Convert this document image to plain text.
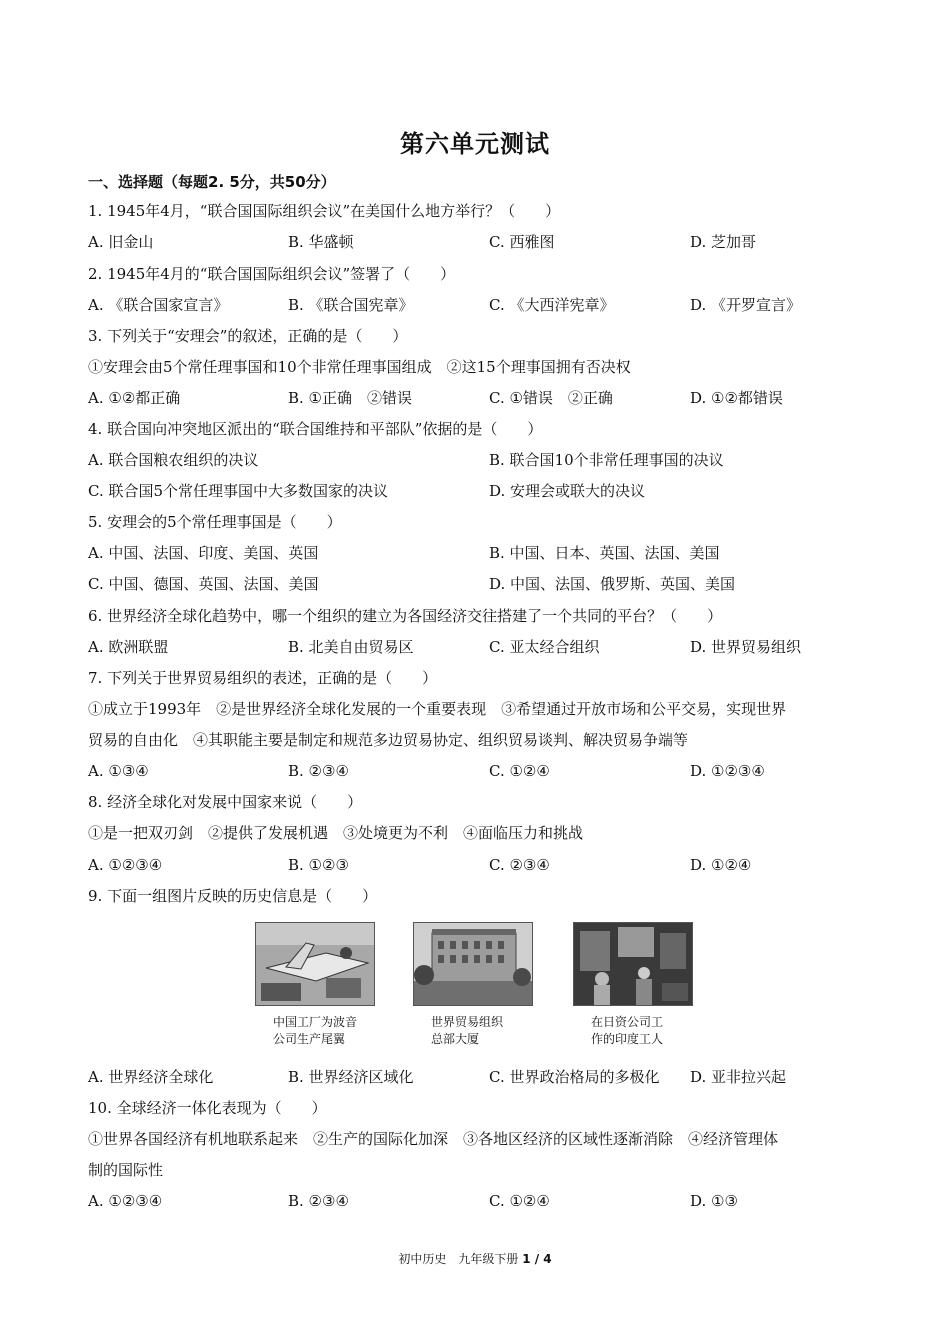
第六单元测试
一、选择题（每题2. 5分，共50分）
1. 1945年4月，“联合国国际组织会议”在美国什么地方举行？（　　）
A. 旧金山	B. 华盛顿	C. 西雅图	D. 芝加哥
2. 1945年4月的“联合国国际组织会议”签署了（　　）
A. 《联合国家宣言》	B. 《联合国宪章》	C. 《大西洋宪章》	D. 《开罗宣言》
3. 下列关于“安理会”的叙述，正确的是（　　）
①安理会由5个常任理事国和10个非常任理事国组成　②这15个理事国拥有否决权
A. ①②都正确	B. ①正确　②错误	C. ①错误　②正确	D. ①②都错误
4. 联合国向冲突地区派出的“联合国维持和平部队”依据的是（　　）
A. 联合国粮农组织的决议	B. 联合国10个非常任理事国的决议
C. 联合国5个常任理事国中大多数国家的决议	D. 安理会或联大的决议
5. 安理会的5个常任理事国是（　　）
A. 中国、法国、印度、美国、英国	B. 中国、日本、英国、法国、美国
C. 中国、德国、英国、法国、美国	D. 中国、法国、俄罗斯、英国、美国
6. 世界经济全球化趋势中，哪一个组织的建立为各国经济交往搭建了一个共同的平台？（　　）
A. 欧洲联盟	B. 北美自由贸易区	C. 亚太经合组织	D. 世界贸易组织
7. 下列关于世界贸易组织的表述，正确的是（　　）
①成立于1993年　②是世界经济全球化发展的一个重要表现　③希望通过开放市场和公平交易，实现世界
贸易的自由化　④其职能主要是制定和规范多边贸易协定、组织贸易谈判、解决贸易争端等
A. ①③④	B. ②③④	C. ①②④	D. ①②③④
8. 经济全球化对发展中国家来说（　　）
①是一把双刃剑　②提供了发展机遇　③处境更为不利　④面临压力和挑战
A. ①②③④	B. ①②③	C. ②③④	D. ①②④
9. 下面一组图片反映的历史信息是（　　）
中国工厂为波音
公司生产尾翼
世界贸易组织
总部大厦
在日资公司工
作的印度工人
A. 世界经济全球化	B. 世界经济区域化	C. 世界政治格局的多极化 D. 亚非拉兴起
10. 全球经济一体化表现为（　　）
①世界各国经济有机地联系起来　②生产的国际化加深　③各地区经济的区域性逐渐消除　④经济管理体
制的国际性
A. ①②③④	B. ②③④	C. ①②④	D. ①③
初中历史　九年级下册 1 / 4
